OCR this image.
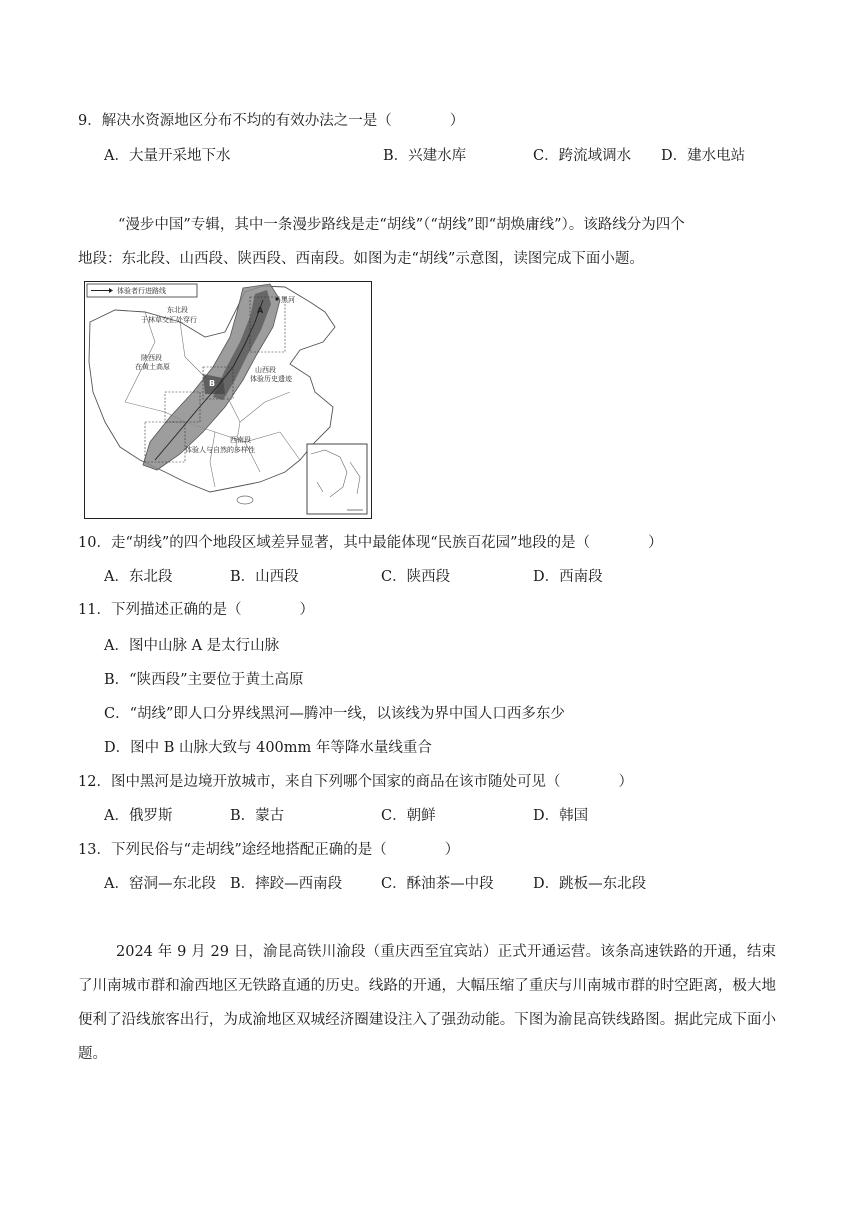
9．解决水资源地区分布不均的有效办法之一是（　　　　）
A．大量开采地下水	B．兴建水库	C．跨流域调水 D．建水电站
“漫步中国”专辑，其中一条漫步路线是走“胡线”（“胡线”即“胡焕庸线”）。该路线分为四个
地段：东北段、山西段、陕西段、西南段。如图为走“胡线”示意图，读图完成下面小题。
体验者行进路线
黑河
A
B
东北段
于林草交汇处穿行
山西段
体验历史遗迹
陕西段
在黄土高原
西南段
体验人与自然的多样性
10．走“胡线”的四个地段区域差异显著，其中最能体现“民族百花园”地段的是（　　　　）
A．东北段	B．山西段	C．陕西段	D．西南段
11．下列描述正确的是（　　　　）
A．图中山脉 A 是太行山脉
B．“陕西段”主要位于黄土高原
C．“胡线”即人口分界线黑河—腾冲一线，以该线为界中国人口西多东少
D．图中 B 山脉大致与 400mm 年等降水量线重合
12．图中黑河是边境开放城市，来自下列哪个国家的商品在该市随处可见（　　　　）
A．俄罗斯	B．蒙古	C．朝鲜	D．韩国
13．下列民俗与“走胡线”途经地搭配正确的是（　　　　）
A．窑洞—东北段 B．摔跤—西南段	C．酥油茶—中段	D．跳板—东北段
2024 年 9 月 29 日，渝昆高铁川渝段（重庆西至宜宾站）正式开通运营。该条高速铁路的开通，结束了川南城市群和渝西地区无铁路直通的历史。线路的开通，大幅压缩了重庆与川南城市群的时空距离，极大地便利了沿线旅客出行，为成渝地区双城经济圈建设注入了强劲动能。下图为渝昆高铁线路图。据此完成下面小题。
